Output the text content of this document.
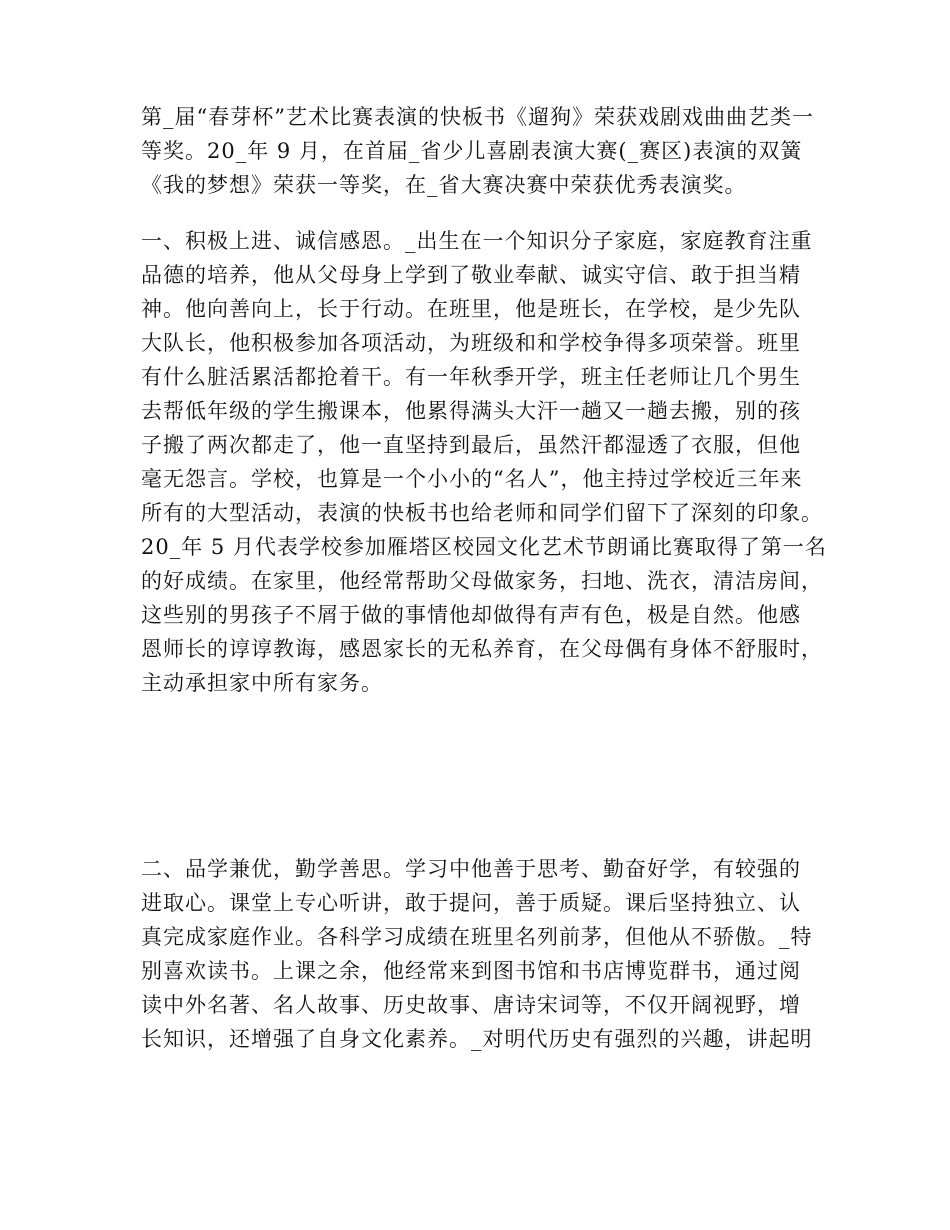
第_届“春芽杯”艺术比赛表演的快板书《遛狗》荣获戏剧戏曲曲艺类一
等奖。20_年 9 月，在首届_省少儿喜剧表演大赛(_赛区)表演的双簧
《我的梦想》荣获一等奖，在_省大赛决赛中荣获优秀表演奖。

一、积极上进、诚信感恩。_出生在一个知识分子家庭，家庭教育注重
品德的培养，他从父母身上学到了敬业奉献、诚实守信、敢于担当精
神。他向善向上，长于行动。在班里，他是班长，在学校，是少先队
大队长，他积极参加各项活动，为班级和和学校争得多项荣誉。班里
有什么脏活累活都抢着干。有一年秋季开学，班主任老师让几个男生
去帮低年级的学生搬课本，他累得满头大汗一趟又一趟去搬，别的孩
子搬了两次都走了，他一直坚持到最后，虽然汗都湿透了衣服，但他
毫无怨言。学校，也算是一个小小的“名人”，他主持过学校近三年来
所有的大型活动，表演的快板书也给老师和同学们留下了深刻的印象。
20_年 5 月代表学校参加雁塔区校园文化艺术节朗诵比赛取得了第一名
的好成绩。在家里，他经常帮助父母做家务，扫地、洗衣，清洁房间，
这些别的男孩子不屑于做的事情他却做得有声有色，极是自然。他感
恩师长的谆谆教诲，感恩家长的无私养育，在父母偶有身体不舒服时，
主动承担家中所有家务。

二、品学兼优，勤学善思。学习中他善于思考、勤奋好学，有较强的
进取心。课堂上专心听讲，敢于提问，善于质疑。课后坚持独立、认
真完成家庭作业。各科学习成绩在班里名列前茅，但他从不骄傲。_特
别喜欢读书。上课之余，他经常来到图书馆和书店博览群书，通过阅
读中外名著、名人故事、历史故事、唐诗宋词等，不仅开阔视野，增
长知识，还增强了自身文化素养。_对明代历史有强烈的兴趣，讲起明
